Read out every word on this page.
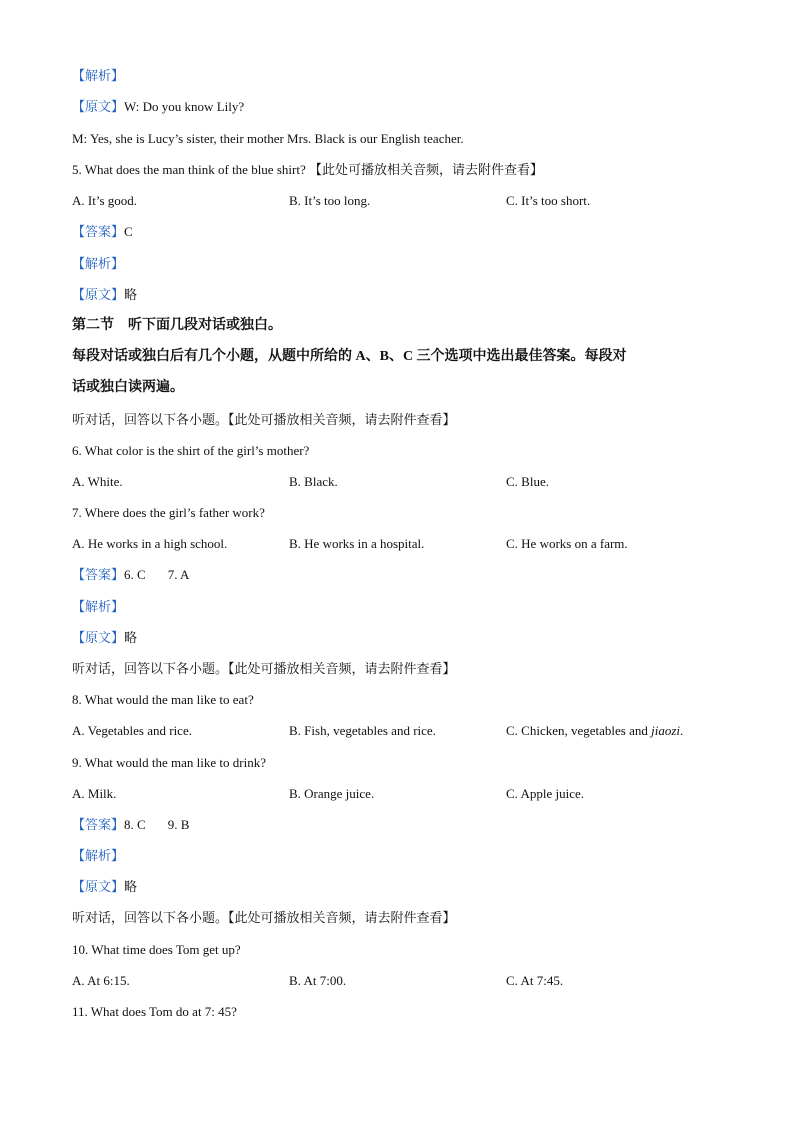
【解析】
【原文】W: Do you know Lily?
M: Yes, she is Lucy’s sister, their mother Mrs. Black is our English teacher.
5. What does the man think of the blue shirt? 【此处可播放相关音频，请去附件查看】
A. It’s good.	B. It’s too long.	C. It’s too short.
【答案】C
【解析】
【原文】略
第二节　听下面几段对话或独白。
每段对话或独白后有几个小题，从题中所给的 A、B、C 三个选项中选出最佳答案。每段对
话或独白读两遍。
听对话，回答以下各小题。【此处可播放相关音频，请去附件查看】
6. What color is the shirt of the girl’s mother?
A. White.	B. Black.	C. Blue.
7. Where does the girl’s father work?
A. He works in a high school.	B. He works in a hospital.	C. He works on a farm.
【答案】6. C 7. A
【解析】
【原文】略
听对话，回答以下各小题。【此处可播放相关音频，请去附件查看】
8. What would the man like to eat?
A. Vegetables and rice.	B. Fish, vegetables and rice.	C. Chicken, vegetables and jiaozi.
9. What would the man like to drink?
A. Milk.	B. Orange juice.	C. Apple juice.
【答案】8. C 9. B
【解析】
【原文】略
听对话，回答以下各小题。【此处可播放相关音频，请去附件查看】
10. What time does Tom get up?
A. At 6:15.	B. At 7:00.	C. At 7:45.
11. What does Tom do at 7: 45?
